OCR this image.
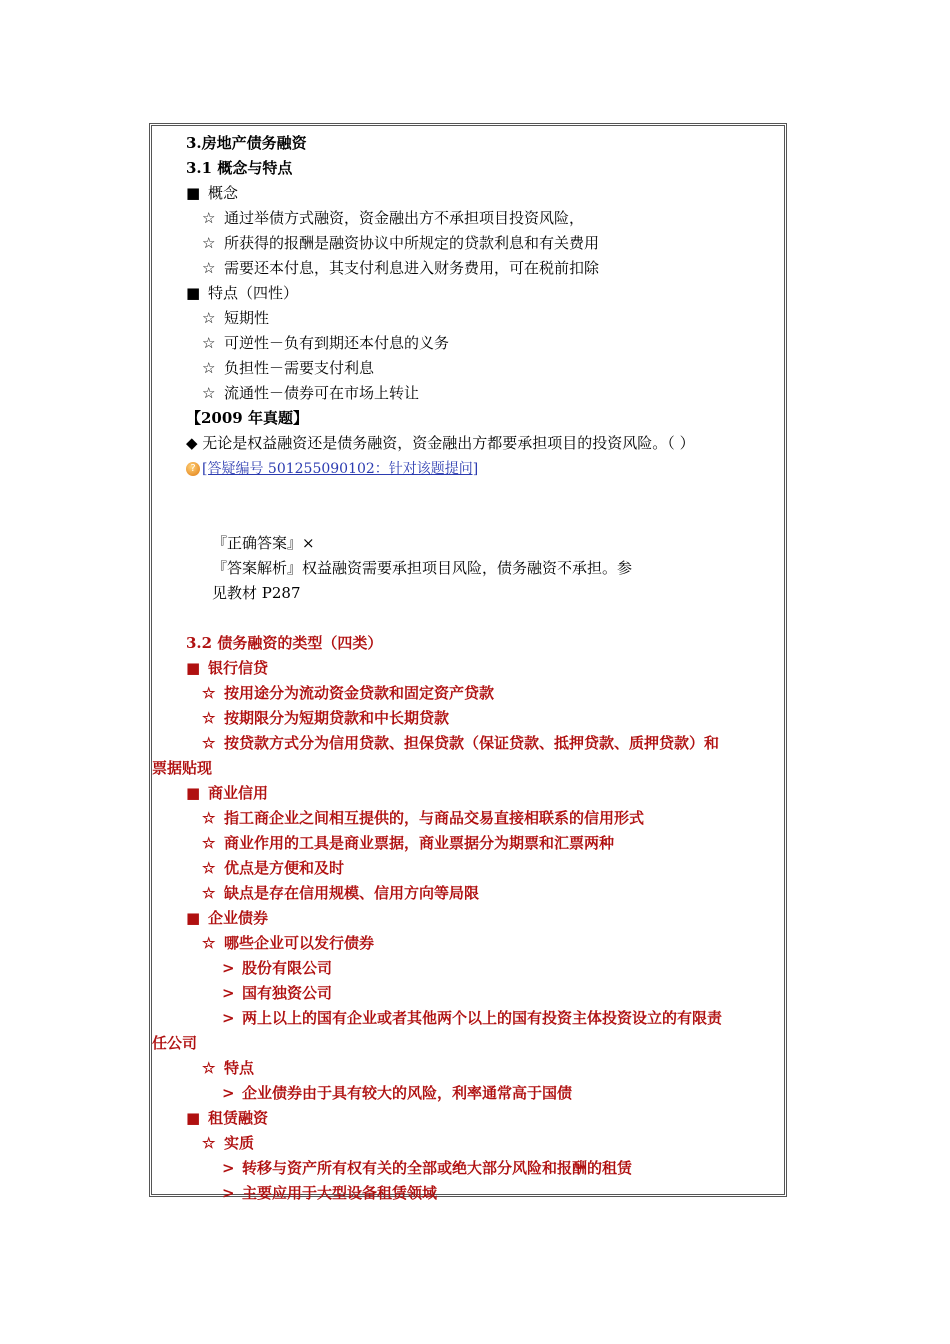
3.房地产债务融资
3.1 概念与特点
■ 概念
☆ 通过举债方式融资，资金融出方不承担项目投资风险，
☆ 所获得的报酬是融资协议中所规定的贷款利息和有关费用
☆ 需要还本付息，其支付利息进入财务费用，可在税前扣除
■ 特点（四性）
☆ 短期性
☆ 可逆性－负有到期还本付息的义务
☆ 负担性－需要支付利息
☆ 流通性－债券可在市场上转让
【2009 年真题】
◆ 无论是权益融资还是债务融资，资金融出方都要承担项目的投资风险。（ ）
? [答疑编号 501255090102：针对该题提问]
『正确答案』×
『答案解析』权益融资需要承担项目风险，债务融资不承担。参
见教材 P287
3.2 债务融资的类型（四类）
■ 银行信贷
☆ 按用途分为流动资金贷款和固定资产贷款
☆ 按期限分为短期贷款和中长期贷款
☆ 按贷款方式分为信用贷款、担保贷款（保证贷款、抵押贷款、质押贷款）和
票据贴现
■ 商业信用
☆ 指工商企业之间相互提供的，与商品交易直接相联系的信用形式
☆ 商业作用的工具是商业票据，商业票据分为期票和汇票两种
☆ 优点是方便和及时
☆ 缺点是存在信用规模、信用方向等局限
■ 企业债券
☆ 哪些企业可以发行债券
> 股份有限公司
> 国有独资公司
> 两上以上的国有企业或者其他两个以上的国有投资主体投资设立的有限责
任公司
☆ 特点
> 企业债券由于具有较大的风险，利率通常高于国债
■ 租赁融资
☆ 实质
> 转移与资产所有权有关的全部或绝大部分风险和报酬的租赁
> 主要应用于大型设备租赁领域
